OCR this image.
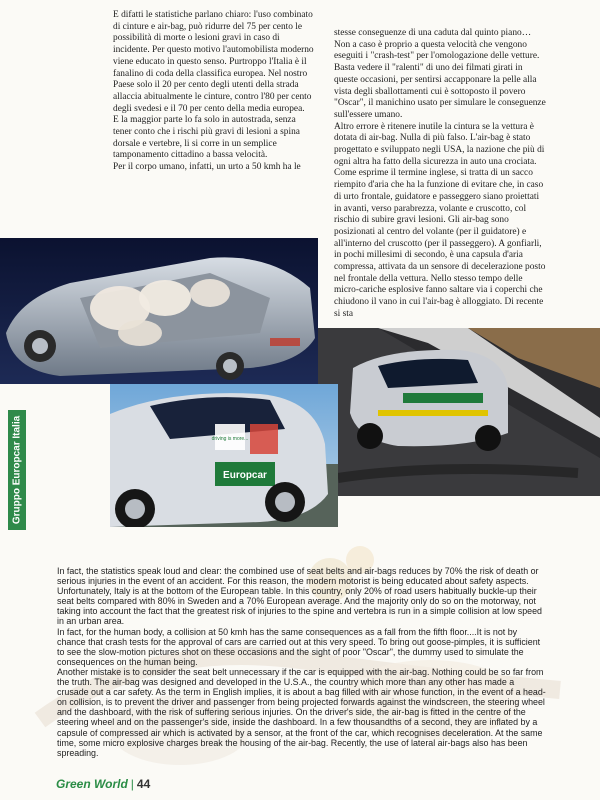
E difatti le statistiche parlano chiaro: l'uso combinato di cinture e air-bag, può ridurre del 75 per cento le possibilità di morte o lesioni gravi in caso di incidente. Per questo motivo l'automobilista moderno viene educato in questo senso. Purtroppo l'Italia è il fanalino di coda della classifica europea. Nel nostro Paese solo il 20 per cento degli utenti della strada allaccia abitualmente le cinture, contro l'80 per cento degli svedesi e il 70 per cento della media europea.

E la maggior parte lo fa solo in autostrada, senza tener conto che i rischi più gravi di lesioni a spina dorsale e vertebre, li si corre in un semplice tamponamento cittadino a bassa velocità.

Per il corpo umano, infatti, un urto a 50 kmh ha le

stesse conseguenze di una caduta dal quinto piano… Non a caso è proprio a questa velocità che vengono eseguiti i "crash-test" per l'omologazione delle vetture. Basta vedere il "ralenti" di uno dei filmati girati in queste occasioni, per sentirsi accapponare la pelle alla vista degli sballottamenti cui è sottoposto il povero "Oscar", il manichino usato per simulare le conseguenze sull'essere umano.

Altro errore è ritenere inutile la cintura se la vettura è dotata di air-bag. Nulla di più falso. L'air-bag è stato progettato e sviluppato negli USA, la nazione che più di ogni altra ha fatto della sicurezza in auto una crociata. Come esprime il termine inglese, si tratta di un sacco riempito d'aria che ha la funzione di evitare che, in caso di urto frontale, guidatore e passeggero siano proiettati in avanti, verso parabrezza, volante e cruscotto, col rischio di subire gravi lesioni. Gli air-bag sono posizionati al centro del volante (per il guidatore) e all'interno del cruscotto (per il passeggero). A gonfiarli, in pochi millesimi di secondo, è una capsula d'aria compressa, attivata da un sensore di decelerazione posto nel frontale della vettura. Nello stesso tempo delle micro-cariche esplosive fanno saltare via i coperchi che chiudono il vano in cui l'air-bag è alloggiato. Di recente si sta

Europcar
driving is more...
Gruppo Europcar Italia

In fact, the statistics speak loud and clear: the combined use of seat belts and air-bags reduces by 70% the risk of death or serious injuries in the event of an accident. For this reason, the modern motorist is being educated about safety aspects. Unfortunately, Italy is at the bottom of the European table. In this country, only 20% of road users habitually buckle-up their seat belts compared with 80% in Sweden and a 70% European average. And the majority only do so on the motorway, not taking into account the fact that the greatest risk of injuries to the spine and vertebra is run in a simple collision at low speed in an urban area.

In fact, for the human body, a collision at 50 kmh has the same consequences as a fall from the fifth floor....It is not by chance that crash tests for the approval of cars are carried out at this very speed. To bring out goose-pimples, it is sufficient to see the slow-motion pictures shot on these occasions and the sight of poor "Oscar", the dummy used to simulate the consequences on the human being.

Another mistake is to consider the seat belt unnecessary if the car is equipped with the air-bag. Nothing could be so far from the truth. The air-bag was designed and developed in the U.S.A., the country which more than any other has made a crusade out a car safety. As the term in English implies, it is about a bag filled with air whose function, in the event of a head-on collision, is to prevent the driver and passenger from being projected forwards against the windscreen, the steering wheel and the dashboard, with the risk of suffering serious injuries. On the driver's side, the air-bag is fitted in the centre of the steering wheel and on the passenger's side, inside the dashboard. In a few thousandths of a second, they are inflated by a capsule of compressed air which is activated by a sensor, at the front of the car, which recognises deceleration. At the same time, some micro explosive charges break the housing of the air-bag. Recently, the use of lateral air-bags also has been spreading.

Green World | 44
